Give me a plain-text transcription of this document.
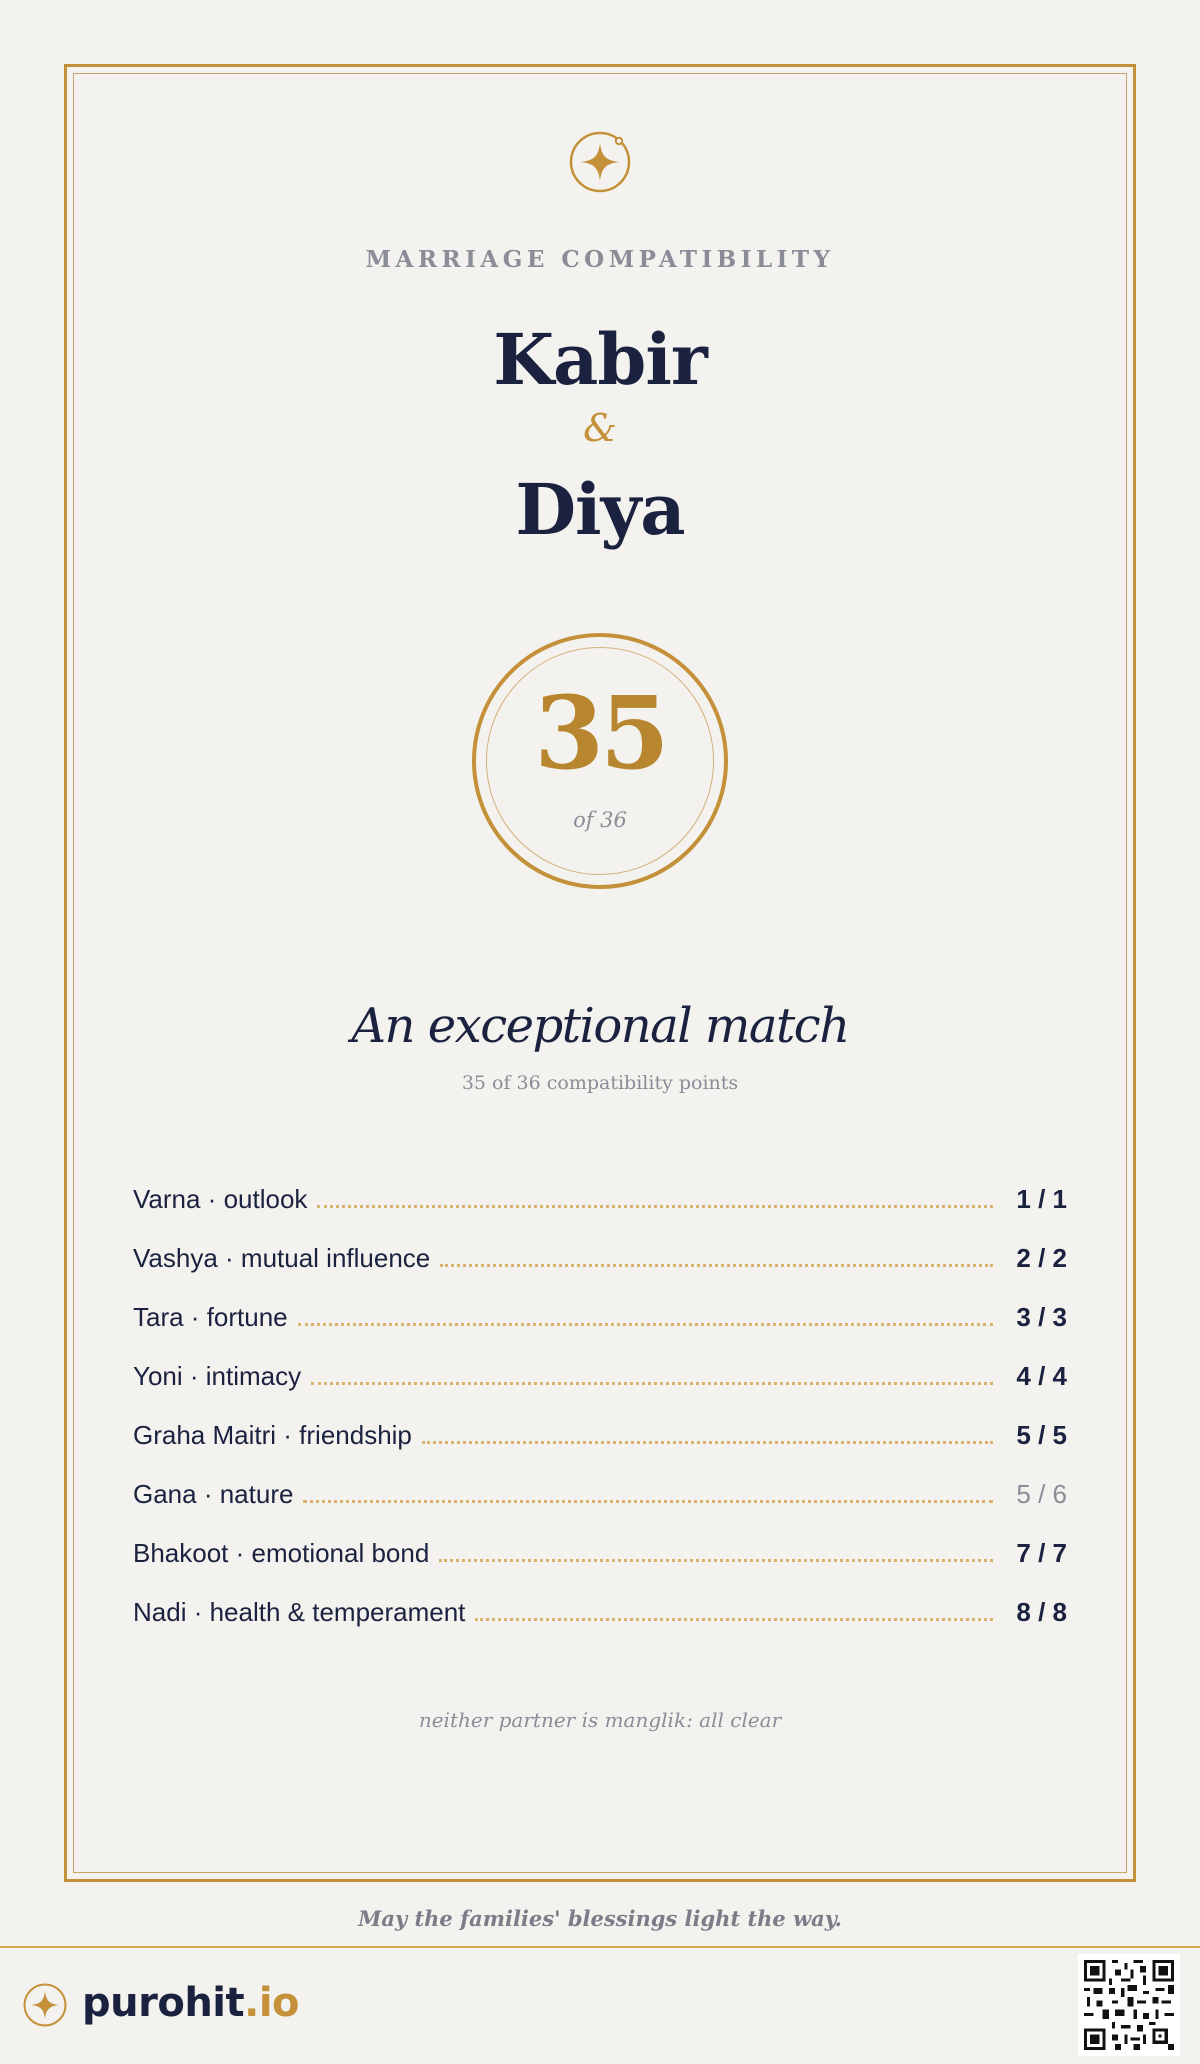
MARRIAGE COMPATIBILITY
Kabir
&
Diya
35
of 36
An exceptional match
35 of 36 compatibility points
Varna · outlook	1 / 1
Vashya · mutual influence	2 / 2
Tara · fortune	3 / 3
Yoni · intimacy	4 / 4
Graha Maitri · friendship	5 / 5
Gana · nature	5 / 6
Bhakoot · emotional bond	7 / 7
Nadi · health & temperament	8 / 8
neither partner is manglik: all clear
May the families' blessings light the way.
purohit.io
